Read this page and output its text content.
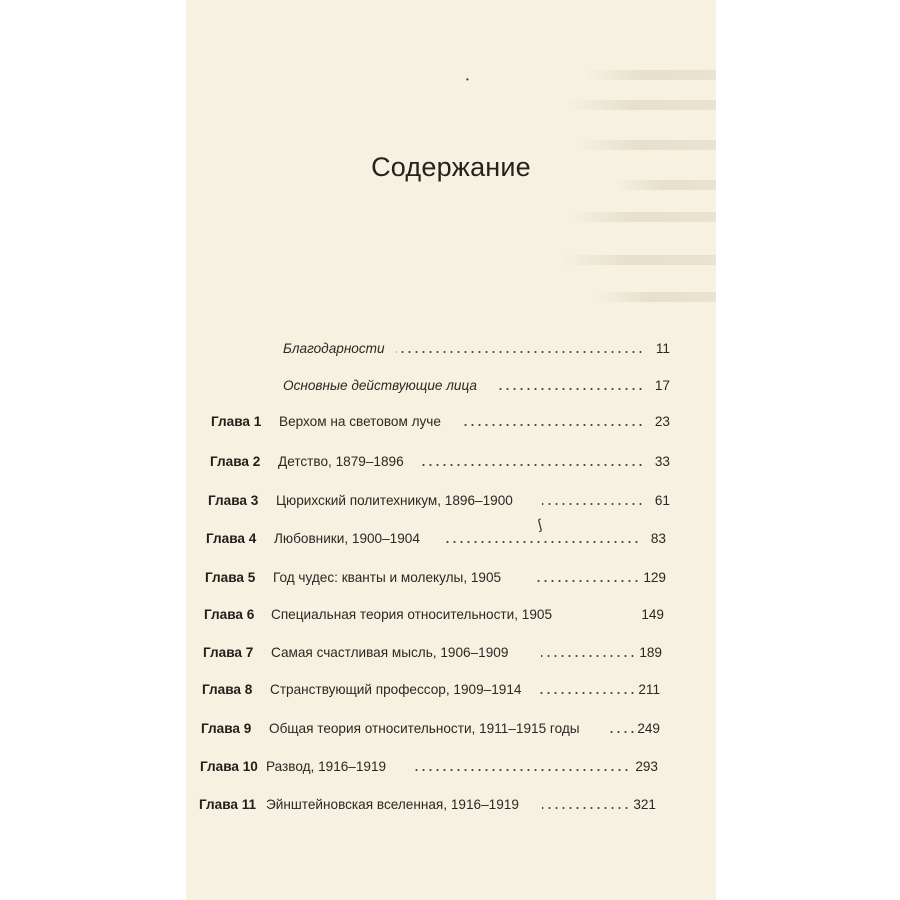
Содержание
Благодарности	11
Основные действующие лица	17
Глава 1 Верхом на световом луче	23
Глава 2 Детство, 1879–1896	33
Глава 3 Цюрихский политехникум, 1896–1900	61
Глава 4 Любовники, 1900–1904	83
Глава 5 Год чудес: кванты и молекулы, 1905	129
Глава 6 Специальная теория относительности, 1905	149
Глава 7 Самая счастливая мысль, 1906–1909	189
Глава 8 Странствующий профессор, 1909–1914	211
Глава 9 Общая теория относительности, 1911–1915 годы	249
Глава 10 Развод, 1916–1919	293
Глава 11 Эйнштейновская вселенная, 1916–1919	321
ʃ
•
